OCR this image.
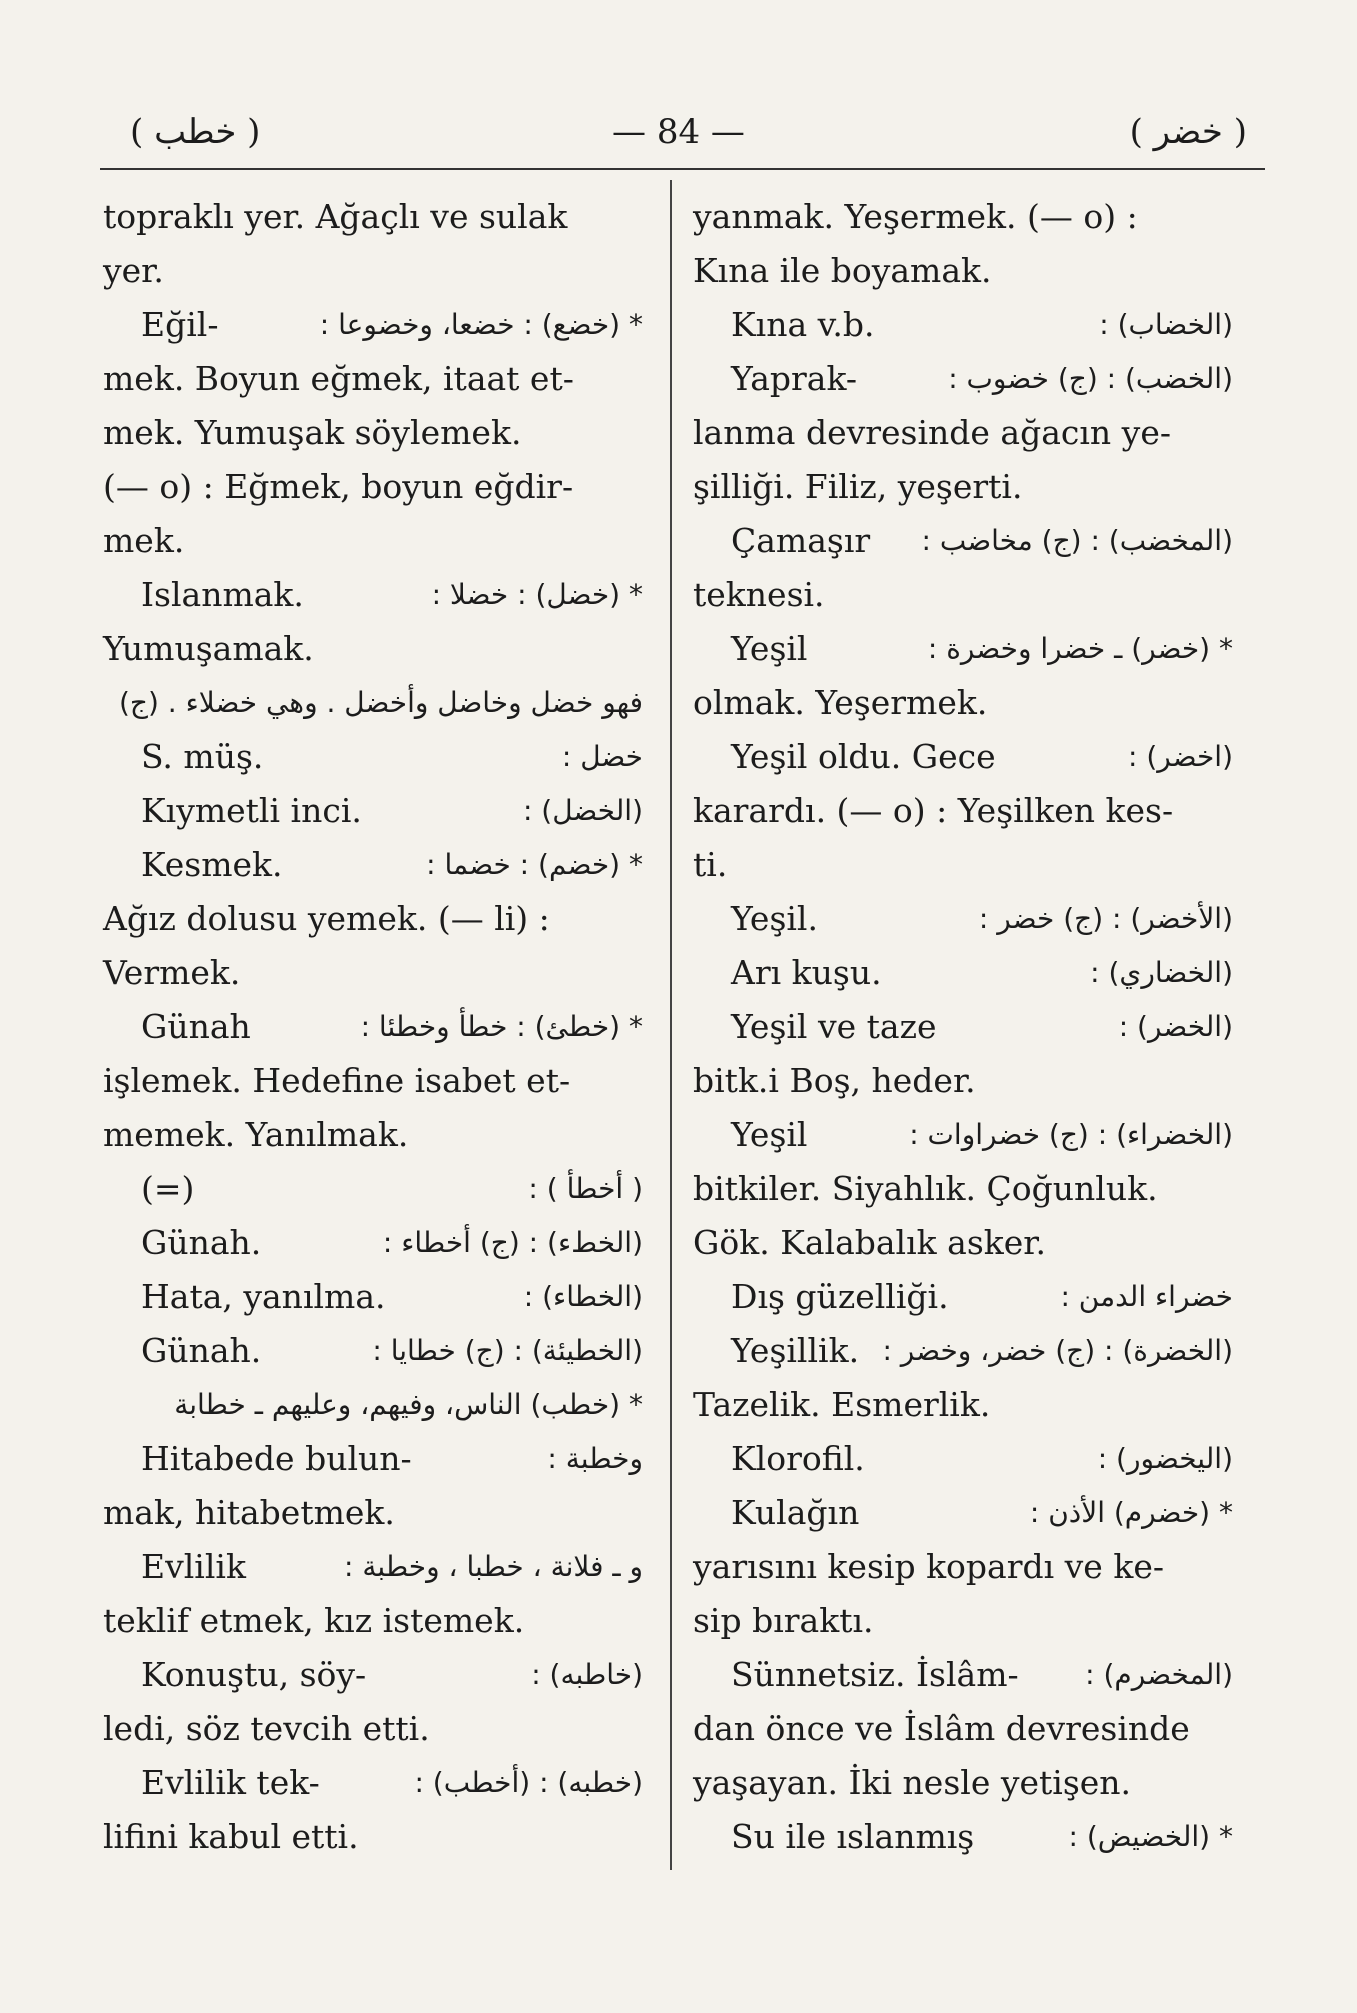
( خطب )	— 84 —	( خضر )
topraklı yer. Ağaçlı ve sulak
yer.
Eğil-	* (خضع) : خضعا، وخضوعا :
mek. Boyun eğmek, itaat et-
mek. Yumuşak söylemek.
(— o) : Eğmek, boyun eğdir-
mek.
Islanmak.	* (خضل) : خضلا :
Yumuşamak.
فهو خضل وخاضل وأخضل . وهي خضلاء . (ج)
S. müş.	خضل :
Kıymetli inci.	(الخضل) :
Kesmek.	* (خضم) : خضما :
Ağız dolusu yemek. (— li) :
Vermek.
Günah	* (خطئ) : خطأ وخطئا :
işlemek. Hedefine isabet et-
memek. Yanılmak.
(=)	( أخطأ ) :
Günah.	(الخطء) : (ج) أخطاء :
Hata, yanılma.	(الخطاء) :
Günah.	(الخطيئة) : (ج) خطايا :
* (خطب) الناس، وفيهم، وعليهم ـ خطابة
Hitabede bulun-	وخطبة :
mak, hitabetmek.
Evlilik	و ـ فلانة ، خطبا ، وخطبة :
teklif etmek, kız istemek.
Konuştu, söy-	(خاطبه) :
ledi, söz tevcih etti.
Evlilik tek-	(خطبه) : (أخطب) :
lifini kabul etti.
yanmak. Yeşermek. (— o) :
Kına ile boyamak.
Kına v.b.	(الخضاب) :
Yaprak-	(الخضب) : (ج) خضوب :
lanma devresinde ağacın ye-
şilliği. Filiz, yeşerti.
Çamaşır (المخضب) : (ج) مخاضب :
teknesi.
Yeşil	* (خضر) ـ خضرا وخضرة :
olmak. Yeşermek.
Yeşil oldu. Gece	(اخضر) :
karardı. (— o) : Yeşilken kes-
ti.
Yeşil.	(الأخضر) : (ج) خضر :
Arı kuşu.	(الخضاري) :
Yeşil ve taze	(الخضر) :
bitk.i Boş, heder.
Yeşil	(الخضراء) : (ج) خضراوات :
bitkiler. Siyahlık. Çoğunluk.
Gök. Kalabalık asker.
Dış güzelliği.	خضراء الدمن :
Yeşillik. (الخضرة) : (ج) خضر، وخضر :
Tazelik. Esmerlik.
Klorofil.	(اليخضور) :
Kulağın	* (خضرم) الأذن :
yarısını kesip kopardı ve ke-
sip bıraktı.
Sünnetsiz. İslâm- (المخضرم) :
dan önce ve İslâm devresinde
yaşayan. İki nesle yetişen.
Su ile ıslanmış	* (الخضيض) :
